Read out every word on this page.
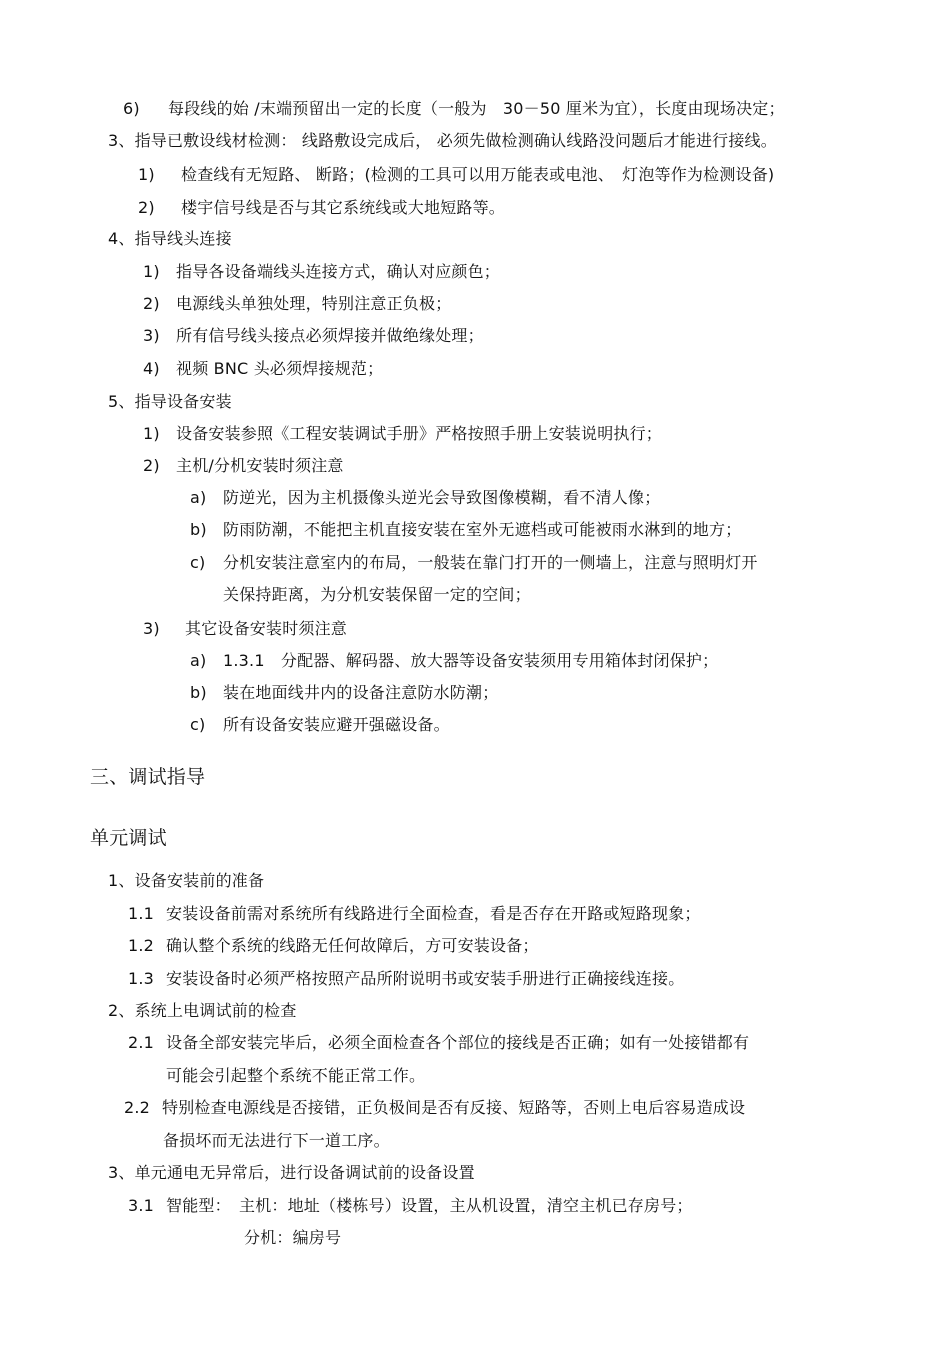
6) 每段线的始 /末端预留出一定的长度（一般为　30－50 厘米为宜），长度由现场决定；
3、指导已敷设线材检测： 线路敷设完成后， 必须先做检测确认线路没问题后才能进行接线。
1) 检查线有无短路、 断路；(检测的工具可以用万能表或电池、　灯泡等作为检测设备)
2) 楼宇信号线是否与其它系统线或大地短路等。
4、指导线头连接
1) 指导各设备端线头连接方式，确认对应颜色；
2) 电源线头单独处理，特别注意正负极；
3) 所有信号线头接点必须焊接并做绝缘处理；
4) 视频 BNC 头必须焊接规范；
5、指导设备安装
1) 设备安装参照《工程安装调试手册》严格按照手册上安装说明执行；
2) 主机/分机安装时须注意
a) 防逆光，因为主机摄像头逆光会导致图像模糊，看不清人像；
b) 防雨防潮，不能把主机直接安装在室外无遮档或可能被雨水淋到的地方；
c) 分机安装注意室内的布局，一般装在靠门打开的一侧墙上，注意与照明灯开
关保持距离，为分机安装保留一定的空间；
3) 其它设备安装时须注意
a) 1.3.1　分配器、解码器、放大器等设备安装须用专用箱体封闭保护；
b) 装在地面线井内的设备注意防水防潮；
c) 所有设备安装应避开强磁设备。
三、调试指导
单元调试
1、设备安装前的准备
1.1 安装设备前需对系统所有线路进行全面检查，看是否存在开路或短路现象；
1.2 确认整个系统的线路无任何故障后，方可安装设备；
1.3 安装设备时必须严格按照产品所附说明书或安装手册进行正确接线连接。
2、系统上电调试前的检查
2.1 设备全部安装完毕后，必须全面检查各个部位的接线是否正确；如有一处接错都有
可能会引起整个系统不能正常工作。
2.2 特别检查电源线是否接错，正负极间是否有反接、短路等，否则上电后容易造成设
备损坏而无法进行下一道工序。
3、单元通电无异常后，进行设备调试前的设备设置
3.1 智能型：　主机：地址（楼栋号）设置，主从机设置，清空主机已存房号；
分机：编房号
